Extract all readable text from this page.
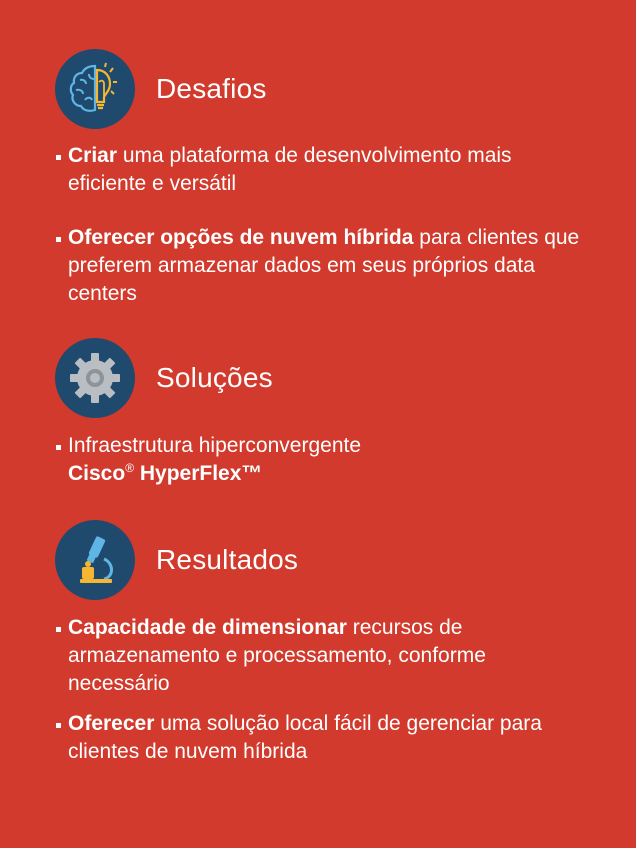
Desafios
Criar uma plataforma de desenvolvimento mais eficiente e versátil
Oferecer opções de nuvem híbrida para clientes que preferem armazenar dados em seus próprios data centers
Soluções
Infraestrutura hiperconvergente
Cisco® HyperFlex™
Resultados
Capacidade de dimensionar recursos de armazenamento e processamento, conforme necessário
Oferecer uma solução local fácil de gerenciar para clientes de nuvem híbrida
